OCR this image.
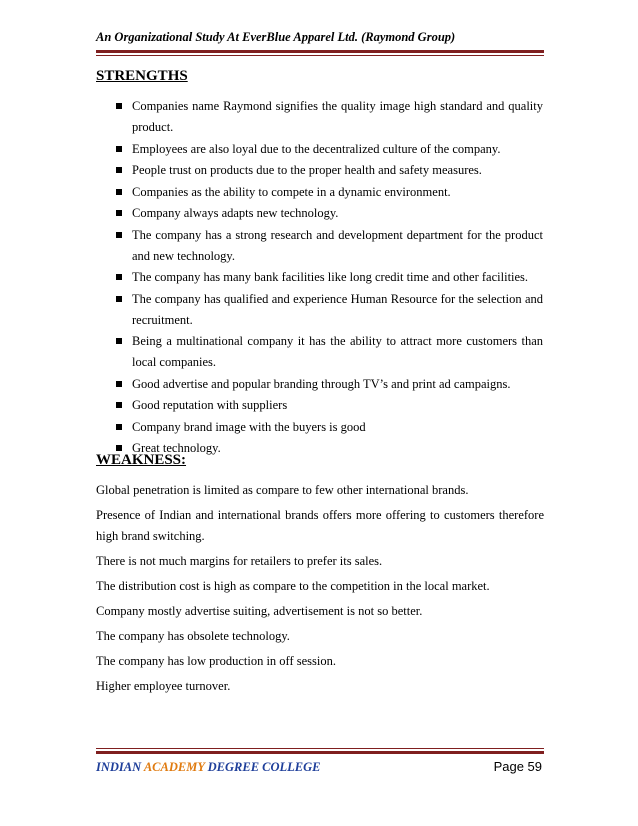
An Organizational Study At EverBlue Apparel Ltd. (Raymond Group)
STRENGTHS
Companies name Raymond signifies the quality image high standard and quality product.
Employees are also loyal due to the decentralized culture of the company.
People trust on products due to the proper health and safety measures.
Companies as the ability to compete in a dynamic environment.
Company always adapts new technology.
The company has a strong research and development department for the product and new technology.
The company has many bank facilities like long credit time and other facilities.
The company has qualified and experience Human Resource for the selection and recruitment.
Being a multinational company it has the ability to attract more customers than local companies.
Good advertise and popular branding through TV’s and print ad campaigns.
Good reputation with suppliers
Company brand image with the buyers is good
Great technology.
WEAKNESS:
Global penetration is limited as compare to few other international brands.
Presence of Indian and international brands offers more offering to customers therefore high brand switching.
There is not much margins for retailers to prefer its sales.
The distribution cost is high as compare to the competition in the local market.
Company mostly advertise suiting, advertisement is not so better.
The company has obsolete technology.
The company has low production in off session.
Higher employee turnover.
INDIAN ACADEMY DEGREE COLLEGE	Page 59
